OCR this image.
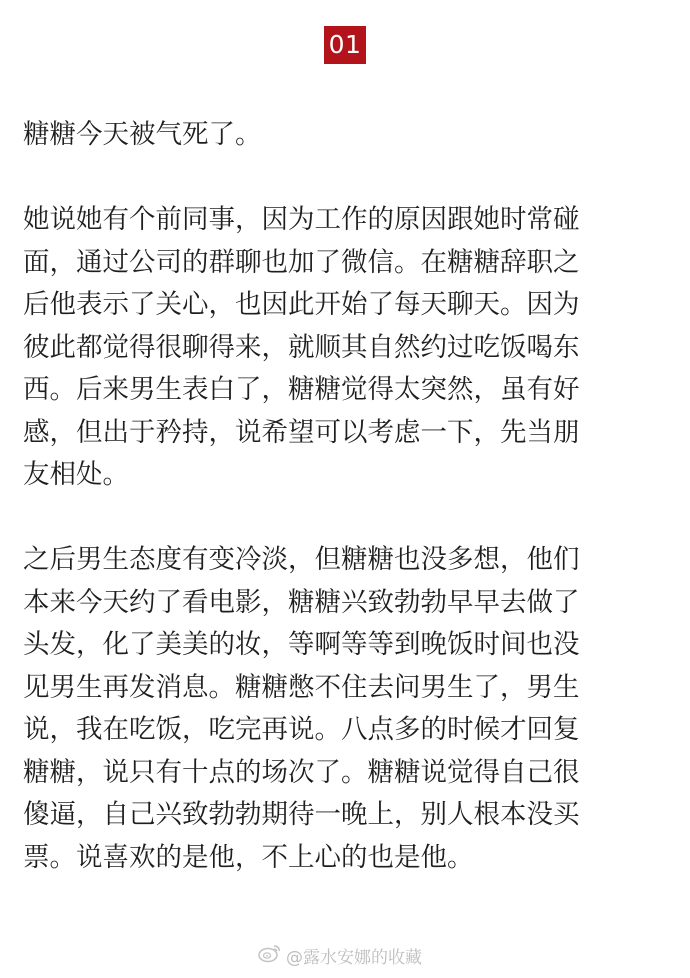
01

糖糖今天被气死了。

她说她有个前同事，因为工作的原因跟她时常碰
面，通过公司的群聊也加了微信。在糖糖辞职之
后他表示了关心，也因此开始了每天聊天。因为
彼此都觉得很聊得来，就顺其自然约过吃饭喝东
西。后来男生表白了，糖糖觉得太突然，虽有好
感，但出于矜持，说希望可以考虑一下，先当朋
友相处。

之后男生态度有变冷淡，但糖糖也没多想，他们
本来今天约了看电影，糖糖兴致勃勃早早去做了
头发，化了美美的妆，等啊等等到晚饭时间也没
见男生再发消息。糖糖憋不住去问男生了，男生
说，我在吃饭，吃完再说。八点多的时候才回复
糖糖，说只有十点的场次了。糖糖说觉得自己很
傻逼，自己兴致勃勃期待一晚上，别人根本没买
票。说喜欢的是他，不上心的也是他。

@露水安娜的收藏
